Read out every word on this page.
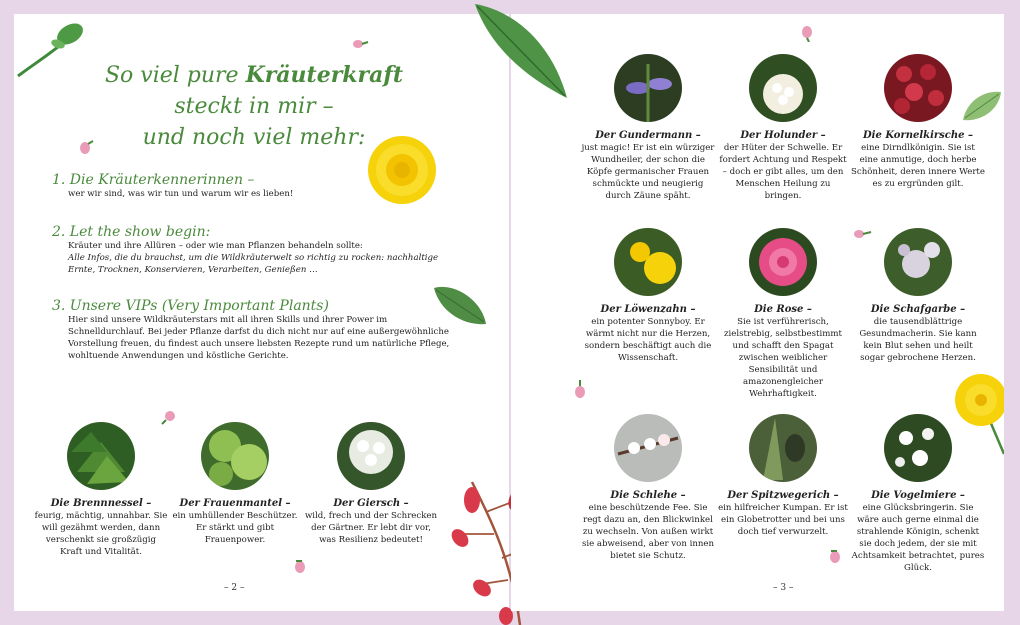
So viel pure Kräuterkraft
steckt in mir –
und noch viel mehr:
1. Die Kräuterkennerinnen –
wer wir sind, was wir tun und warum wir es lieben!
2. Let the show begin:
Kräuter und ihre Allüren – oder wie man Pflanzen behandeln sollte:
Alle Infos, die du brauchst, um die Wildkräuterwelt so richtig zu rocken: nachhaltige Ernte, Trocknen, Konservieren, Verarbeiten, Genießen …
3. Unsere VIPs (Very Important Plants)
Hier sind unsere Wildkräuterstars mit all ihren Skills und ihrer Power im Schnelldurchlauf. Bei jeder Pflanze darfst du dich nicht nur auf eine außergewöhnliche Vorstellung freuen, du findest auch unsere liebsten Rezepte rund um natürliche Pflege, wohltuende Anwendungen und köstliche Gerichte.
Die Brennnessel –
feurig, mächtig, unnahbar. Sie will gezähmt werden, dann verschenkt sie großzügig Kraft und Vitalität.
Der Frauenmantel –
ein umhüllender Beschützer. Er stärkt und gibt Frauenpower.
Der Giersch –
wild, frech und der Schrecken der Gärtner. Er lebt dir vor, was Resilienz bedeutet!
– 2 –
Der Gundermann –
just magic! Er ist ein würziger Wundheiler, der schon die Köpfe germanischer Frauen schmückte und neugierig durch Zäune späht.
Der Holunder –
der Hüter der Schwelle. Er fordert Achtung und Respekt – doch er gibt alles, um den Menschen Heilung zu bringen.
Die Kornelkirsche –
eine Dirndlkönigin. Sie ist eine anmutige, doch herbe Schönheit, deren innere Werte es zu ergründen gilt.
Der Löwenzahn –
ein potenter Sonnyboy. Er wärmt nicht nur die Herzen, sondern beschäftigt auch die Wissenschaft.
Die Rose –
Sie ist verführerisch, zielstrebig, selbstbestimmt und schafft den Spagat zwischen weiblicher Sensibilität und amazonengleicher Wehrhaftigkeit.
Die Schafgarbe –
die tausendblättrige Gesundmacherin. Sie kann kein Blut sehen und heilt sogar gebrochene Herzen.
Die Schlehe –
eine beschützende Fee. Sie regt dazu an, den Blickwinkel zu wechseln. Von außen wirkt sie abweisend, aber von innen bietet sie Schutz.
Der Spitzwegerich –
ein hilfreicher Kumpan. Er ist ein Globetrotter und bei uns doch tief verwurzelt.
Die Vogelmiere –
eine Glücksbringerin. Sie wäre auch gerne einmal die strahlende Königin, schenkt sie doch jedem, der sie mit Achtsamkeit betrachtet, pures Glück.
– 3 –
